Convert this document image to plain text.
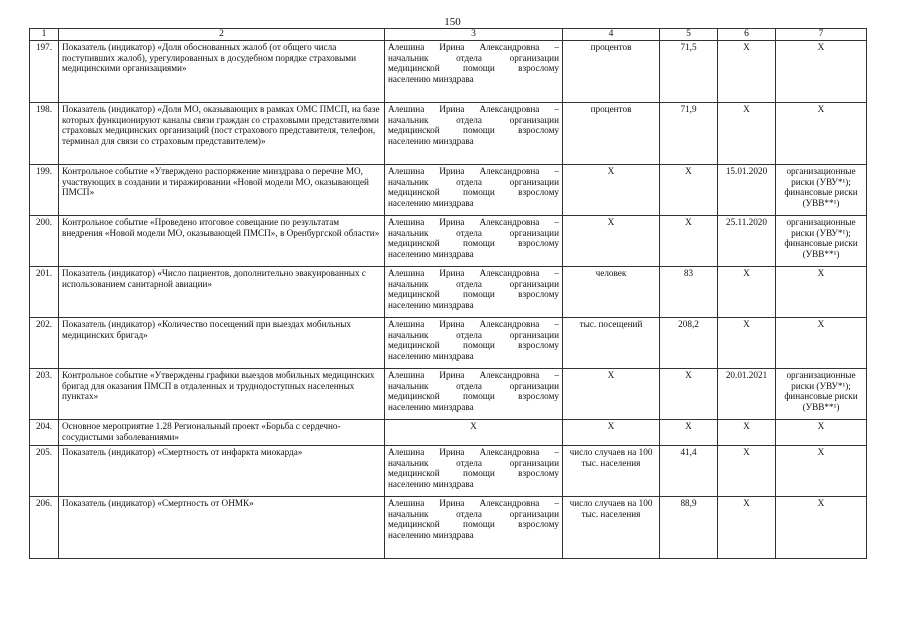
150
1	2	3	4	5	6	7
197.	Показатель (индикатор) «Доля обоснованных жалоб (от общего числа поступивших жалоб), урегулированных в досудебном порядке страховыми медицинскими организациями»	Алешина Ирина Александровна – начальник отдела организации медицинской помощи взрослому населению минздрава	процентов	71,5	X	X
198.	Показатель (индикатор) «Доля МО, оказывающих в рамках ОМС ПМСП, на базе которых функционируют каналы связи граждан со страховыми представителями страховых медицинских организаций (пост страхового представителя, телефон, терминал для связи со страховым представителем)»	Алешина Ирина Александровна – начальник отдела организации медицинской помощи взрослому населению минздрава	процентов	71,9	X	X
199.	Контрольное событие «Утверждено распоряжение минздрава о перечне МО, участвующих в создании и тиражировании «Новой модели МО, оказывающей ПМСП»	Алешина Ирина Александровна – начальник отдела организации медицинской помощи взрослому населению минздрава	X	X	15.01.2020	организационные риски (УВУ*¹);
финансовые риски
(УВВ**¹)

200.	Контрольное событие «Проведено итоговое совещание по результатам внедрения «Новой модели МО, оказывающей ПМСП», в Оренбургской области»	Алешина Ирина Александровна – начальник отдела организации медицинской помощи взрослому населению минздрава	X	X	25.11.2020	организационные риски (УВУ*¹);
финансовые риски
(УВВ**¹)

201.	Показатель (индикатор) «Число пациентов, дополнительно эвакуированных с использованием санитарной авиации»	Алешина Ирина Александровна – начальник отдела организации медицинской помощи взрослому населению минздрава	человек	83	X	X
202.	Показатель (индикатор) «Количество посещений при выездах мобильных медицинских бригад»	Алешина Ирина Александровна – начальник отдела организации медицинской помощи взрослому населению минздрава	тыс. посещений	208,2	X	X
203.	Контрольное событие «Утверждены графики выездов мобильных медицинских бригад для оказания ПМСП в отдаленных и труднодоступных населенных пунктах»	Алешина Ирина Александровна – начальник отдела организации медицинской помощи взрослому населению минздрава	X	X	20.01.2021	организационные риски (УВУ*¹);
финансовые риски
(УВВ**¹)

204.	Основное мероприятие 1.28 Региональный проект «Борьба с сердечно-сосудистыми заболеваниями»	X	X	X	X	X
205.	Показатель (индикатор) «Смертность от инфаркта миокарда»	Алешина Ирина Александровна – начальник отдела организации медицинской помощи взрослому населению минздрава	число случаев на 100 тыс. населения	41,4	X	X
206.	Показатель (индикатор) «Смертность от ОНМК»	Алешина Ирина Александровна – начальник отдела организации медицинской помощи взрослому населению минздрава	число случаев на 100 тыс. населения	88,9	X	X
